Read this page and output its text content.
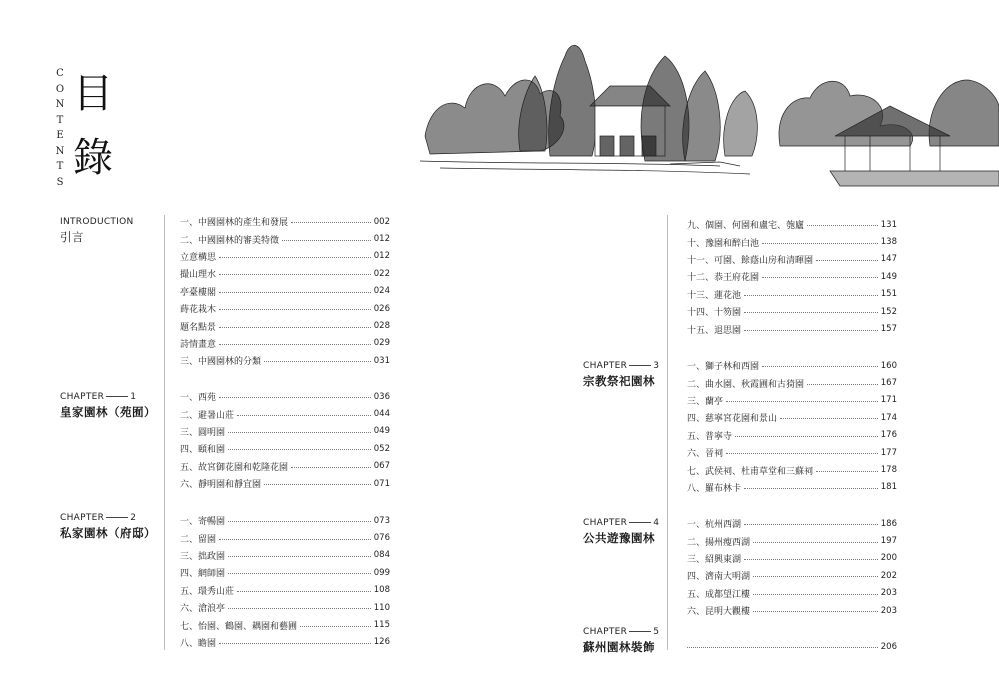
C
O
N
T
E
N
T
S
目
錄
INTRODUCTION
引言
一、中國園林的產生和發展	002
二、中國園林的審美特徵	012
立意構思	012
撮山理水	022
亭臺樓閣	024
蒔花栽木	026
題名點景	028
詩情畫意	029
三、中國園林的分類	031
CHAPTER	1
皇家園林（苑囿）
一、西苑	036
二、避暑山莊	044
三、圓明園	049
四、頤和園	052
五、故宮御花園和乾隆花園	067
六、靜明園和靜宜園	071
CHAPTER	2
私家園林（府邸）
一、寄暢園	073
二、留園	076
三、拙政園	084
四、網師園	099
五、環秀山莊	108
六、滄浪亭	110
七、怡園、鶴園、耦園和藝圃	115
八、瞻園	126
九、個園、何園和盧宅、匏廬	131
十、豫園和醉白池	138
十一、可園、餘蔭山房和清暉園	147
十二、恭王府花園	149
十三、蓮花池	151
十四、十笏園	152
十五、退思園	157
CHAPTER	3
宗教祭祀園林
一、獅子林和西園	160
二、曲水園、秋霞圃和古猗園	167
三、蘭亭	171
四、慈寧宮花園和景山	174
五、普寧寺	176
六、晉祠	177
七、武侯祠、杜甫草堂和三蘇祠	178
八、羅布林卡	181
CHAPTER	4
公共遊豫園林
一、杭州西湖	186
二、揚州瘦西湖	197
三、紹興東湖	200
四、濟南大明湖	202
五、成都望江樓	203
六、昆明大觀樓	203
CHAPTER	5
蘇州園林裝飾	206
